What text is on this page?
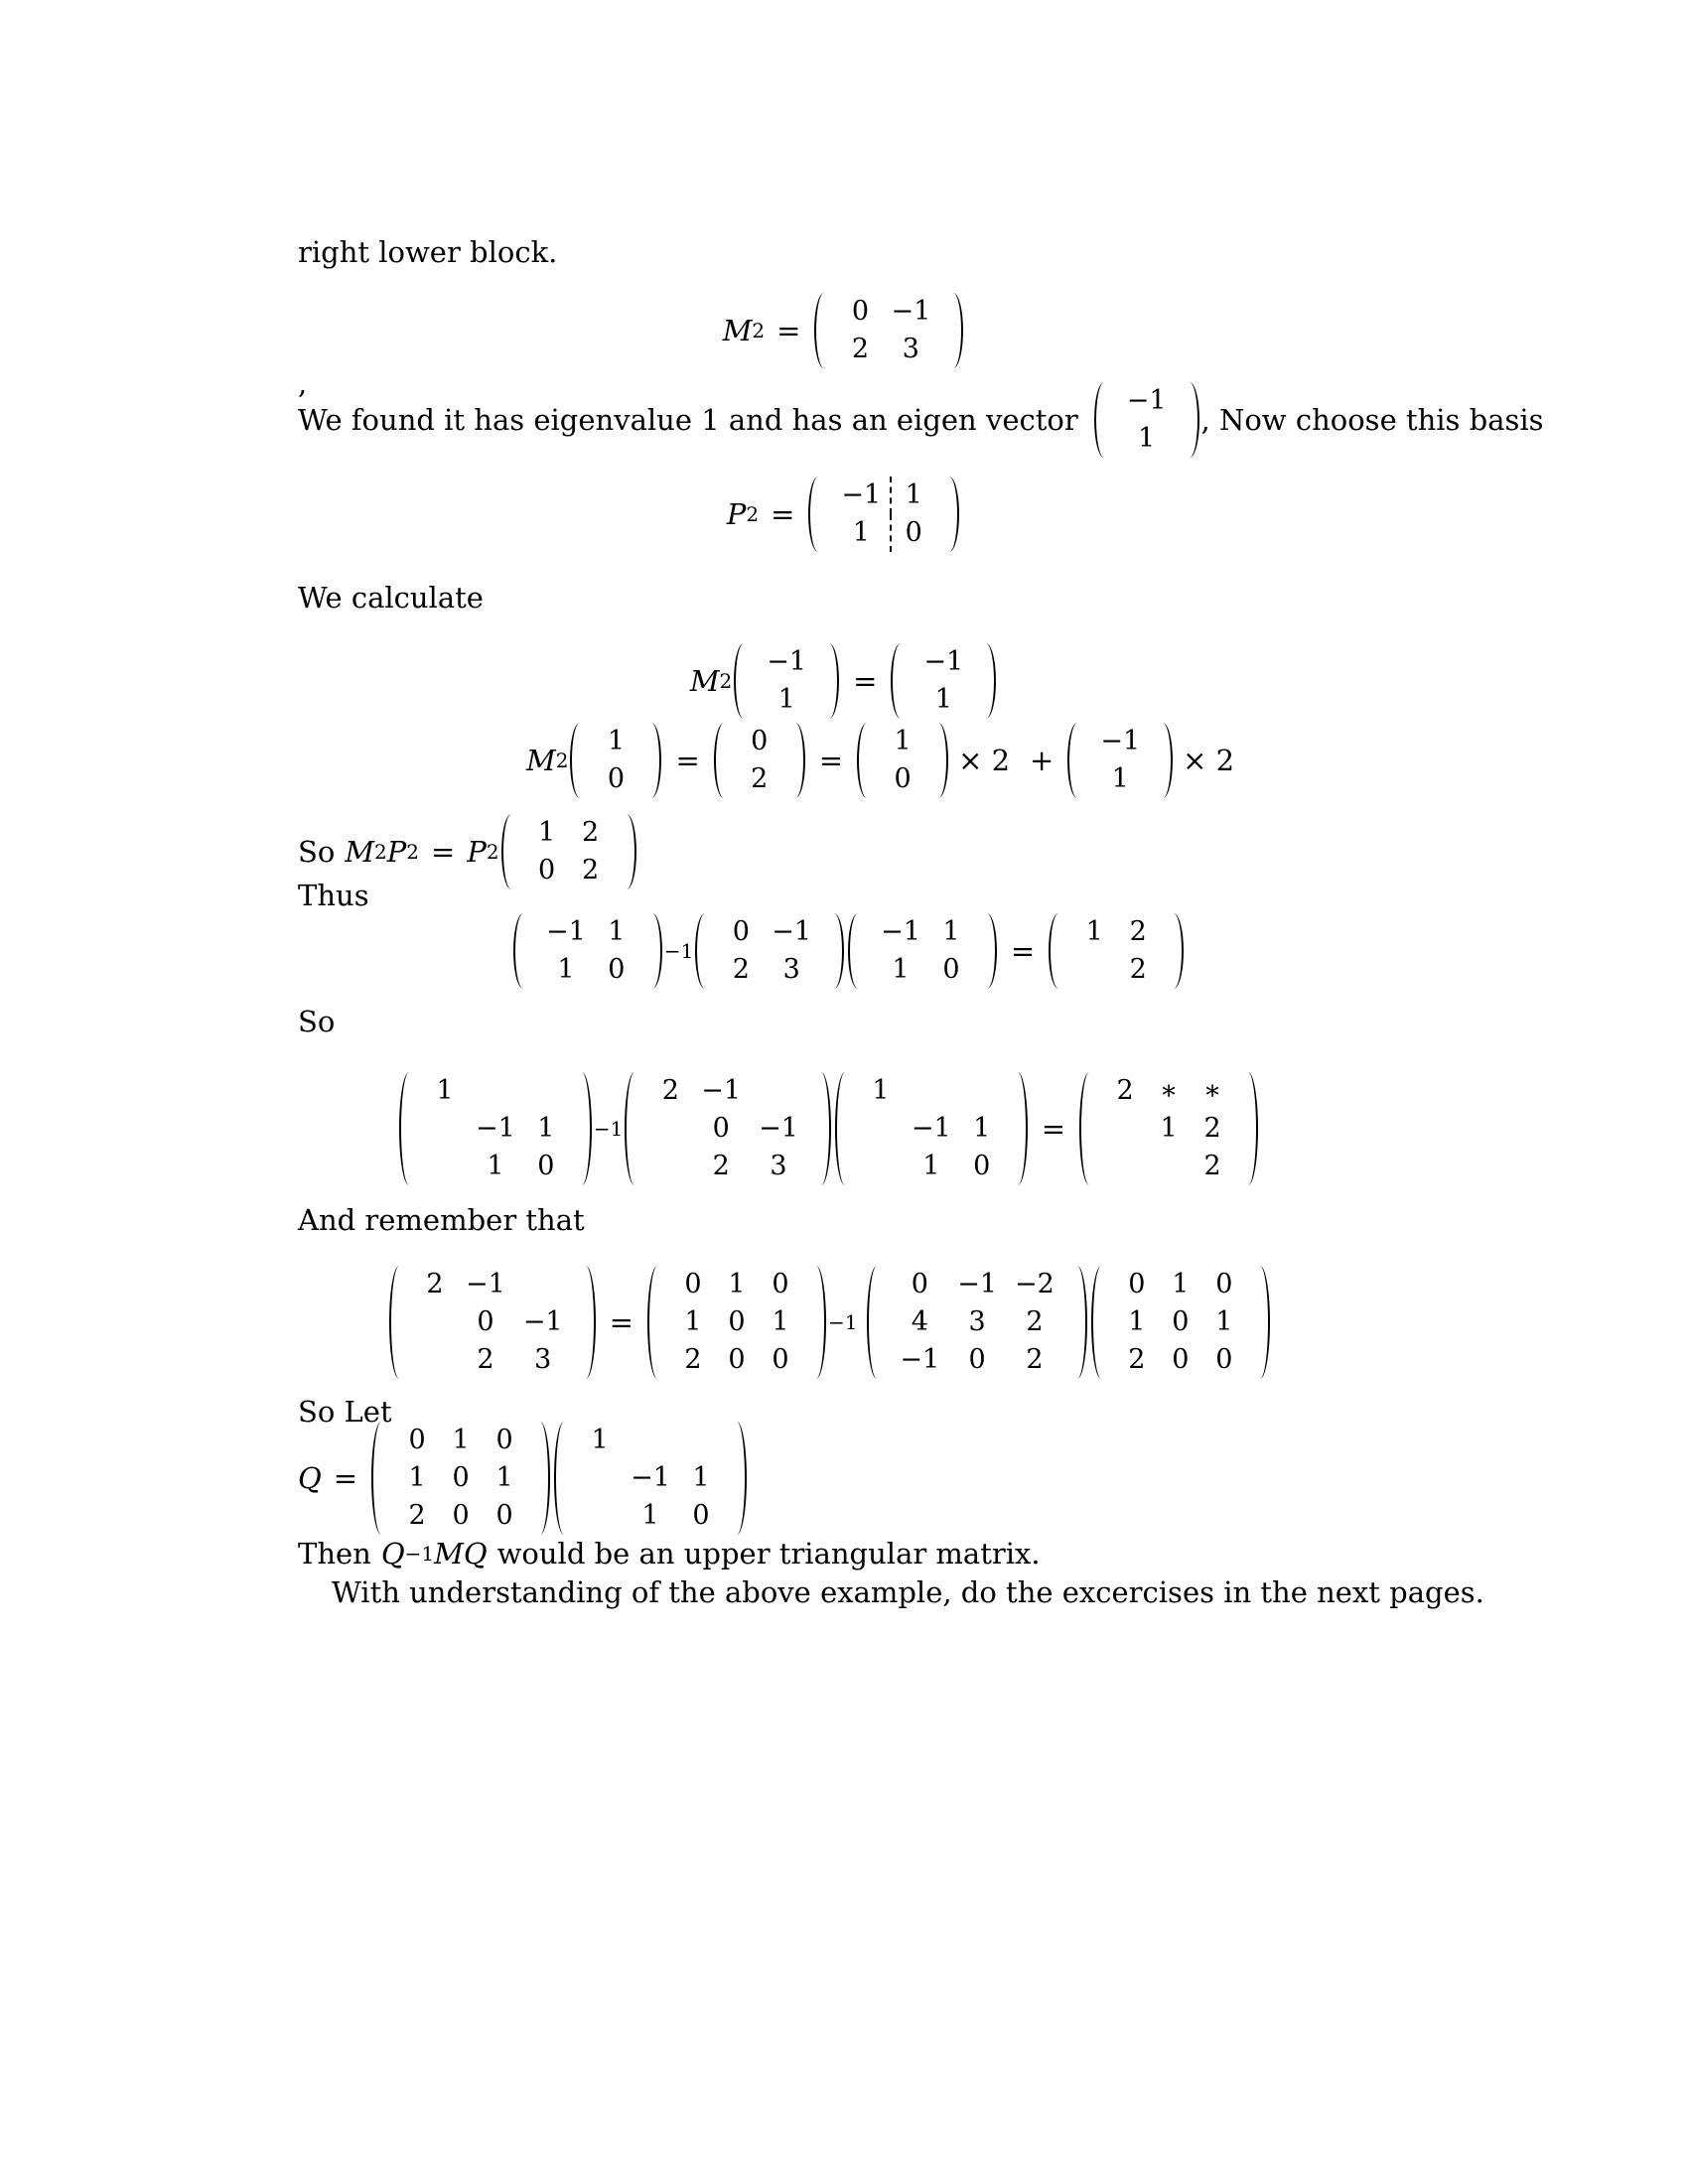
right lower block.
M 2 =
0	−1
2	3
,
We found it has eigenvalue 1 and has an eigen vector
−1
1
, Now choose this basis
P 2 =
−1	1
1	0
We calculate
M 2
−1
1
=
−1
1
M 2
1
0
=
0
2
=
1
0
× 2 +
−1
1
× 2
So M 2 P 2 = P 2
1	2
0	2
Thus
−1	1
1	0
−1
0	−1
2	3
−1	1
1	0
=
1	2
	2
So
1		
	−1	1
	1	0
−1
2	−1	
	0	−1
	2	3
1		
	−1	1
	1	0
=
2	∗	∗
	1	2
		2
And remember that
2	−1	
	0	−1
	2	3
=
0	1	0
1	0	1
2	0	0
−1
0	−1	−2
4	3	2
−1	0	2
0	1	0
1	0	1
2	0	0
So Let
Q =
0	1	0
1	0	1
2	0	0
1		
	−1	1
	1	0
Then Q −1 MQ would be an upper triangular matrix.
With understanding of the above example, do the excercises in the next pages.
